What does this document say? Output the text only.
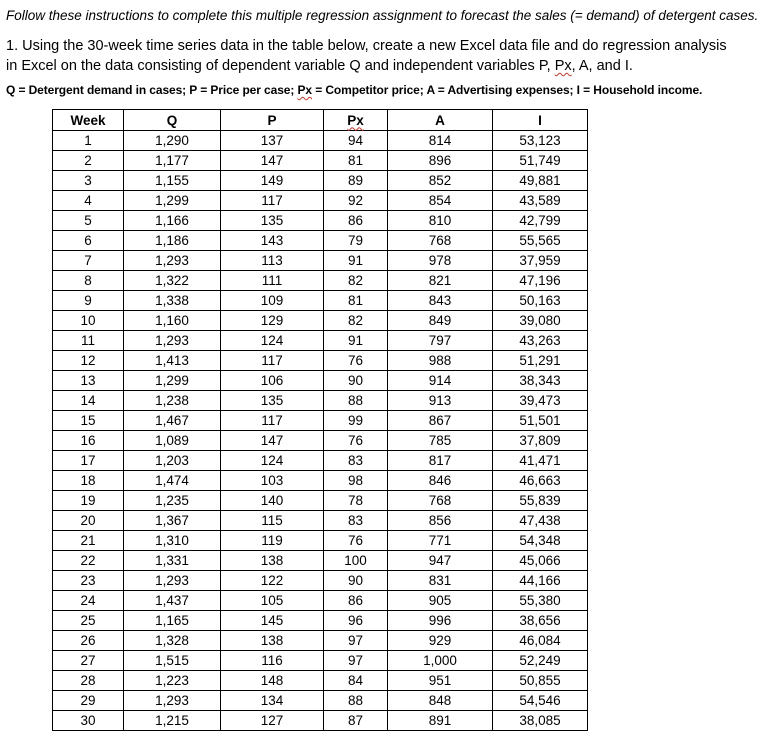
Follow these instructions to complete this multiple regression assignment to forecast the sales (= demand) of detergent cases.
1. Using the 30-week time series data in the table below, create a new Excel data file and do regression analysis
in Excel on the data consisting of dependent variable Q and independent variables P, Px, A, and I.
Q = Detergent demand in cases; P = Price per case; Px = Competitor price; A = Advertising expenses; I = Household income.
Week	Q	P	Px	A	I
1	1,290	137	94	814	53,123
2	1,177	147	81	896	51,749
3	1,155	149	89	852	49,881
4	1,299	117	92	854	43,589
5	1,166	135	86	810	42,799
6	1,186	143	79	768	55,565
7	1,293	113	91	978	37,959
8	1,322	111	82	821	47,196
9	1,338	109	81	843	50,163
10	1,160	129	82	849	39,080
11	1,293	124	91	797	43,263
12	1,413	117	76	988	51,291
13	1,299	106	90	914	38,343
14	1,238	135	88	913	39,473
15	1,467	117	99	867	51,501
16	1,089	147	76	785	37,809
17	1,203	124	83	817	41,471
18	1,474	103	98	846	46,663
19	1,235	140	78	768	55,839
20	1,367	115	83	856	47,438
21	1,310	119	76	771	54,348
22	1,331	138	100	947	45,066
23	1,293	122	90	831	44,166
24	1,437	105	86	905	55,380
25	1,165	145	96	996	38,656
26	1,328	138	97	929	46,084
27	1,515	116	97	1,000	52,249
28	1,223	148	84	951	50,855
29	1,293	134	88	848	54,546
30	1,215	127	87	891	38,085
